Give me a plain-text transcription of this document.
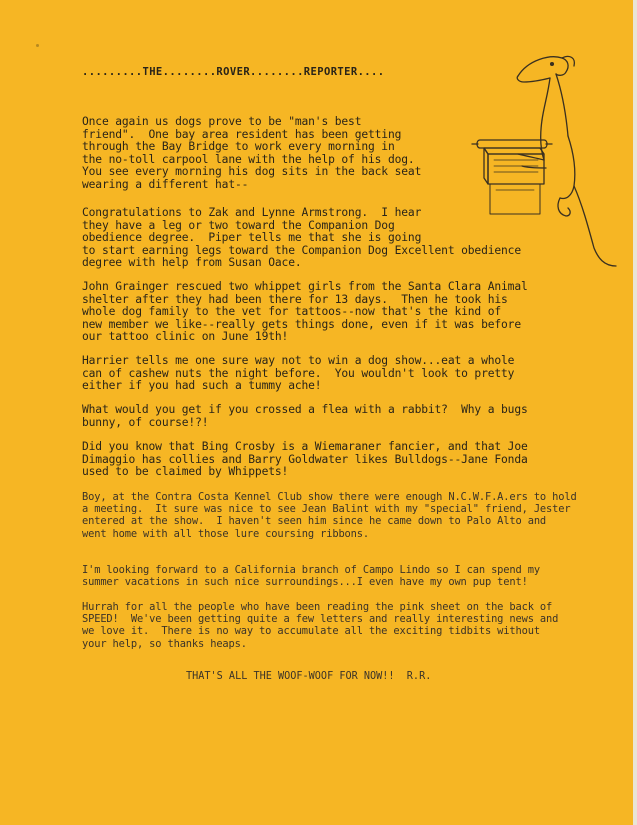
.........THE........ROVER........REPORTER....
Once again us dogs prove to be "man's best
friend".  One bay area resident has been getting
through the Bay Bridge to work every morning in
the no-toll carpool lane with the help of his dog.
You see every morning his dog sits in the back seat
wearing a different hat--
Congratulations to Zak and Lynne Armstrong.  I hear
they have a leg or two toward the Companion Dog
obedience degree.  Piper tells me that she is going
to start earning legs toward the Companion Dog Excellent obedience
degree with help from Susan Oace.
John Grainger rescued two whippet girls from the Santa Clara Animal
shelter after they had been there for 13 days.  Then he took his
whole dog family to the vet for tattoos--now that's the kind of
new member we like--really gets things done, even if it was before
our tattoo clinic on June 19th!
Harrier tells me one sure way not to win a dog show...eat a whole
can of cashew nuts the night before.  You wouldn't look to pretty
either if you had such a tummy ache!
What would you get if you crossed a flea with a rabbit?  Why a bugs
bunny, of course!?!
Did you know that Bing Crosby is a Wiemaraner fancier, and that Joe
Dimaggio has collies and Barry Goldwater likes Bulldogs--Jane Fonda
used to be claimed by Whippets!
Boy, at the Contra Costa Kennel Club show there were enough N.C.W.F.A.ers to hold
a meeting.  It sure was nice to see Jean Balint with my "special" friend, Jester
entered at the show.  I haven't seen him since he came down to Palo Alto and
went home with all those lure coursing ribbons.
I'm looking forward to a California branch of Campo Lindo so I can spend my
summer vacations in such nice surroundings...I even have my own pup tent!
Hurrah for all the people who have been reading the pink sheet on the back of
SPEED!  We've been getting quite a few letters and really interesting news and
we love it.  There is no way to accumulate all the exciting tidbits without
your help, so thanks heaps.
THAT'S ALL THE WOOF-WOOF FOR NOW!!  R.R.
